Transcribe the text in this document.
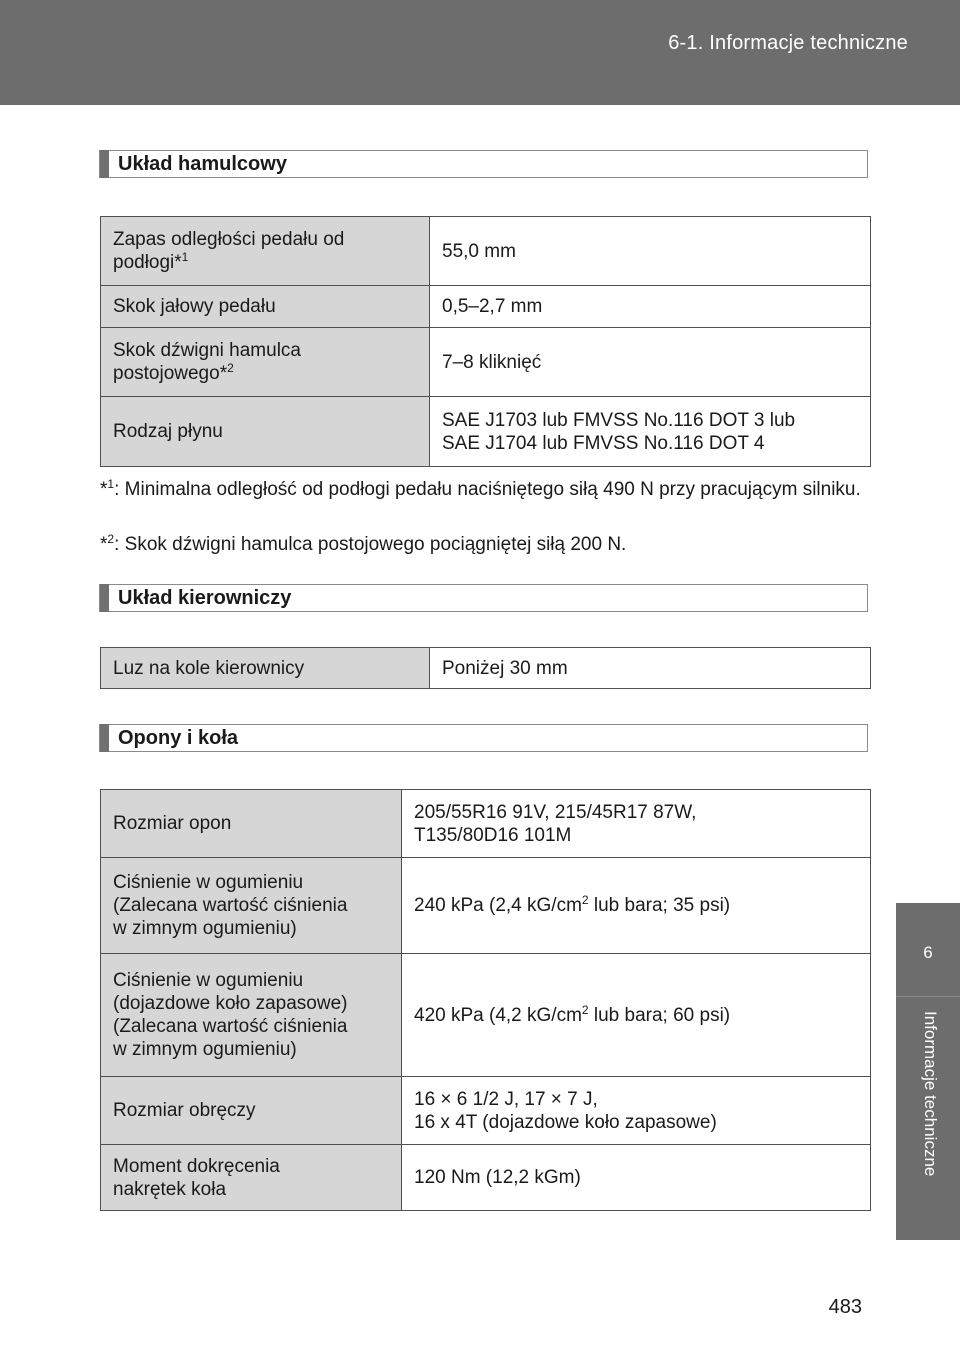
6-1. Informacje techniczne
6
Informacje techniczne
Układ hamulcowy
Zapas odległości pedału od podłogi*$^1$	55,0 mm
Skok jałowy pedału	0,5–2,7 mm
Skok dźwigni hamulca postojowego*$^2$	7–8 kliknięć
Rodzaj płynu	SAE J1703 lub FMVSS No.116 DOT 3 lub
SAE J1704 lub FMVSS No.116 DOT 4
*$^1$: Minimalna odległość od podłogi pedału naciśniętego siłą 490 N przy pracującym silniku.
*$^2$: Skok dźwigni hamulca postojowego pociągniętej siłą 200 N.
Układ kierowniczy
Luz na kole kierownicy	Poniżej 30 mm
Opony i koła
Rozmiar opon	205/55R16 91V, 215/45R17 87W,
T135/80D16 101M

Ciśnienie w ogumieniu
(Zalecana wartość ciśnienia
w zimnym ogumieniu)	240 kPa (2,4 $kG/cm^2$ lub bara; 35 psi)

Ciśnienie w ogumieniu
(dojazdowe koło zapasowe)
(Zalecana wartość ciśnienia
w zimnym ogumieniu)	420 kPa (4,2 $kG/cm^2$ lub bara; 60 psi)
Rozmiar obręczy	16 × 6 1/2 J, 17 × 7 J,
16 x 4T (dojazdowe koło zapasowe)

Moment dokręcenia
nakrętek koła	120 Nm (12,2 kGm)
483
